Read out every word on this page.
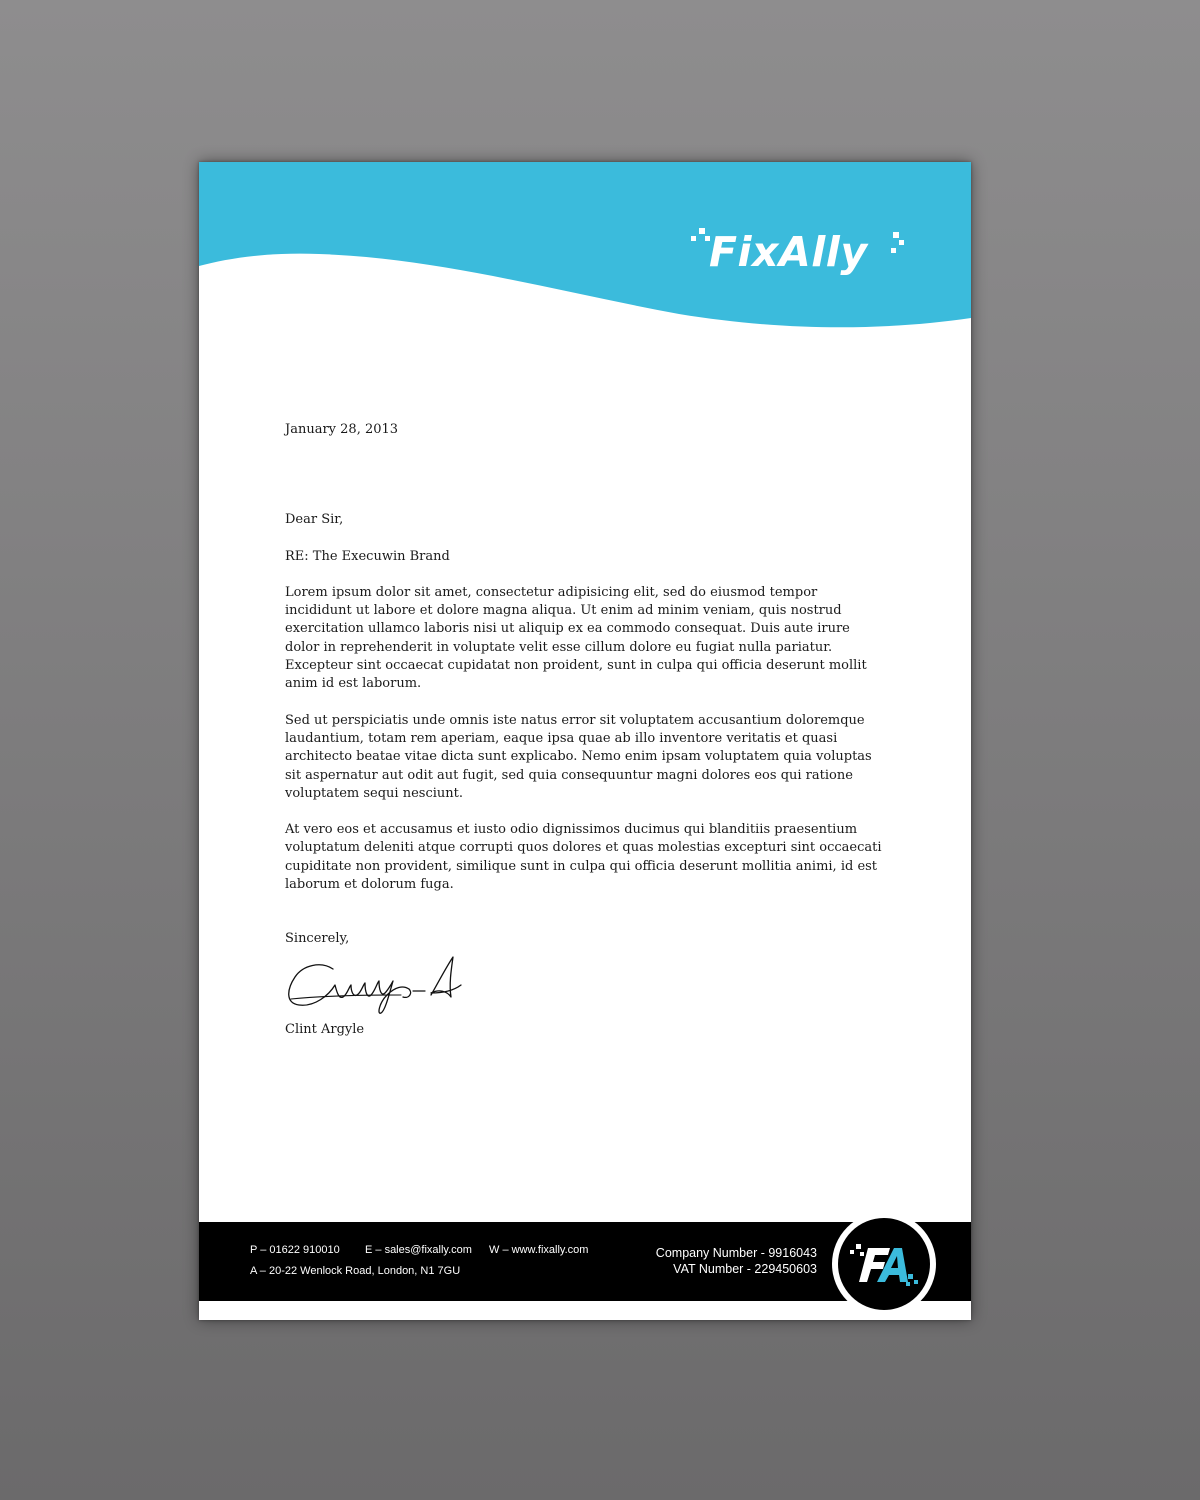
FixAlly

January 28, 2013

Dear Sir,

RE: The Execuwin Brand

Lorem ipsum dolor sit amet, consectetur adipisicing elit, sed do eiusmod tempor incididunt ut labore et dolore magna aliqua. Ut enim ad minim veniam, quis nostrud exercitation ullamco laboris nisi ut aliquip ex ea commodo consequat. Duis aute irure dolor in reprehenderit in voluptate velit esse cillum dolore eu fugiat nulla pariatur. Excepteur sint occaecat cupidatat non proident, sunt in culpa qui officia deserunt mollit anim id est laborum.

Sed ut perspiciatis unde omnis iste natus error sit voluptatem accusantium doloremque laudantium, totam rem aperiam, eaque ipsa quae ab illo inventore veritatis et quasi architecto beatae vitae dicta sunt explicabo. Nemo enim ipsam voluptatem quia voluptas sit aspernatur aut odit aut fugit, sed quia consequuntur magni dolores eos qui ratione voluptatem sequi nesciunt.

At vero eos et accusamus et iusto odio dignissimos ducimus qui blanditiis praesentium voluptatum deleniti atque corrupti quos dolores et quas molestias excepturi sint occaecati cupiditate non provident, similique sunt in culpa qui officia deserunt mollitia animi, id est laborum et dolorum fuga.

Sincerely,

Clint Argyle

P – 01622 910010 E – sales@fixally.com W – www.fixally.com
A – 20-22 Wenlock Road, London, N1 7GU
Company Number - 9916043
VAT Number - 229450603
